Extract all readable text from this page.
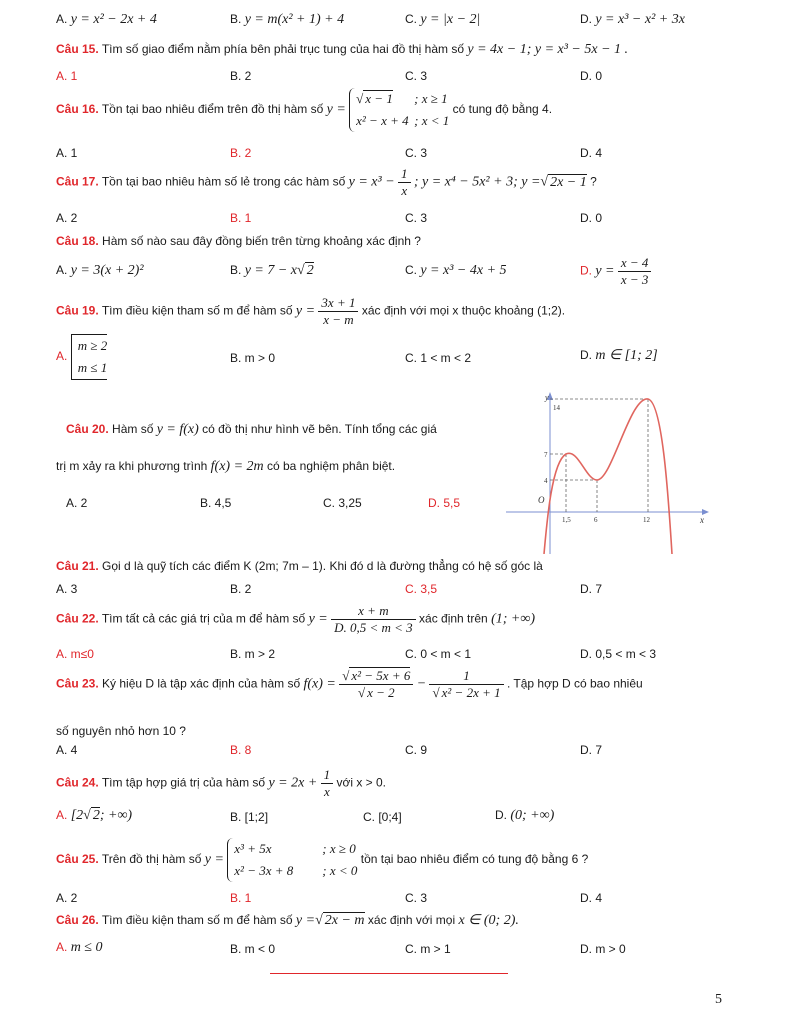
A. y = x² − 2x + 4	B. y = m(x² + 1) + 4	C. y = |x − 2|	D. y = x³ − x² + 3x
Câu 15. Tìm số giao điểm nằm phía bên phải trục tung của hai đồ thị hàm số y = 4x − 1; y = x³ − 5x − 1 .
A. 1	B. 2	C. 3	D. 0
Câu 16. Tồn tại bao nhiêu điểm trên đồ thị hàm số y =
√ x − 1 ; x ≥ 1
x² − x + 4 ; x < 1
có tung độ bằng 4.
A. 1	B. 2	C. 3	D. 4
Câu 17. Tồn tại bao nhiêu hàm số lẻ trong các hàm số $y = x^3 - \frac{1}{x}$ ; y = x⁴ − 5x² + 3; y =√ 2x − 1 ?
A. 2	B. 1	C. 3	D. 0
Câu 18. Hàm số nào sau đây đồng biến trên từng khoảng xác định ?
A. y = 3(x + 2)²	B. y = 7 − x√ 2	C. y = x³ − 4x + 5	D. $y = \frac{x - 4}{x - 3}$
Câu 19. Tìm điều kiện tham số m để hàm số $y = \frac{3x + 1}{x - m}$ xác định với mọi x thuộc khoảng (1;2).
A.
m ≥ 2
m ≤ 1
B. m > 0	C. 1 < m < 2	D. m ∈ [1; 2]
Câu 20. Hàm số y = f(x) có đồ thị như hình vẽ bên. Tính tổng các giá
trị m xảy ra khi phương trình f(x) = 2m có ba nghiệm phân biệt.
A. 2	B. 4,5	C. 3,25	D. 5,5
y
x
O
14
7
4
1,5	6	12
Câu 21. Gọi d là quỹ tích các điểm K (2m; 7m – 1). Khi đó d là đường thẳng có hệ số góc là
A. 3	B. 2	C. 3,5	D. 7
Câu 22. Tìm tất cả các giá trị của m để hàm số $y = \frac{x + m}{D. 0,5 < m < 3}$ xác định trên (1; +∞)
A. m≤0	B. m > 2	C. 0 < m < 1	D. 0,5 < m < 3
Câu 23. Ký hiệu D là tập xác định của hàm số $f(x) = \frac{\text{√ x² − 5x + 6}}{√ x - 2} - \frac{1}{\text{√ x² − 2x + 1}}$ . Tập hợp D có bao nhiêu
số nguyên nhỏ hơn 10 ?
A. 4	B. 8	C. 9	D. 7
Câu 24. Tìm tập hợp giá trị của hàm số $y = 2x + \frac{1}{x}$ với x > 0.
A. [2√ 2; +∞)	B. [1;2]	C. [0;4]	D. (0; +∞)
Câu 25. Trên đồ thị hàm số y =
x³ + 5x	; x ≥ 0
x² − 3x + 8 ; x < 0
tồn tại bao nhiêu điểm có tung độ bằng 6 ?
A. 2	B. 1	C. 3	D. 4
Câu 26. Tìm điều kiện tham số m để hàm số y =√ 2x − m xác định với mọi x ∈ (0; 2).
A. m ≤ 0	B. m < 0	C. m > 1	D. m > 0
5
